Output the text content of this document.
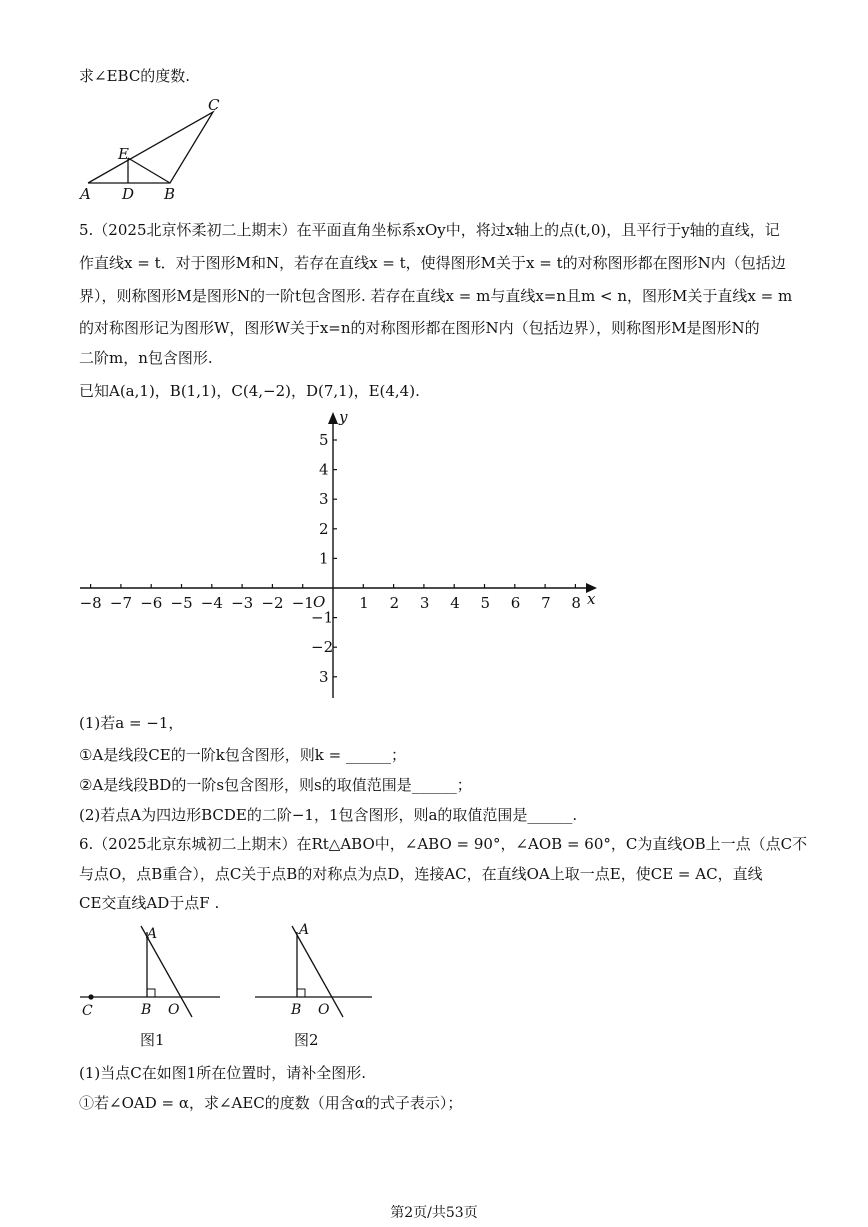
求∠EBC的度数.
C
E
A D B
5.（2025北京怀柔初二上期末）在平面直角坐标系xOy中，将过x轴上的点(t,0)，且平行于y轴的直线，记
作直线x = t．对于图形M和N，若存在直线x = t，使得图形M关于x = t的对称图形都在图形N内（包括边
界），则称图形M是图形N的一阶t包含图形. 若存在直线x = m与直线x=n且m < n，图形M关于直线x = m
的对称图形记为图形W，图形W关于x=n的对称图形都在图形N内（包括边界），则称图形M是图形N的
二阶m，n包含图形.
已知A(a,1)，B(1,1)，C(4,−2)，D(7,1)，E(4,4).
x
y
O
−8 −7 −6 −5 −4 −3 −2 −1	1 2 3 4 5 6 7 8
5
4
3
2
1
−1
−2
3
(1)若a = −1，
①A是线段CE的一阶k包含图形，则k = ______；
②A是线段BD的一阶s包含图形，则s的取值范围是______；
(2)若点A为四边形BCDE的二阶−1，1包含图形，则a的取值范围是______.
6.（2025北京东城初二上期末）在Rt△ABO中，∠ABO = 90°，∠AOB = 60°，C为直线OB上一点（点C不
与点O，点B重合），点C关于点B的对称点为点D，连接AC，在直线OA上取一点E，使CE = AC，直线
CE交直线AD于点F .
A
B O
C
图1
A
B O
图2
(1)当点C在如图1所在位置时，请补全图形.
①若∠OAD = α，求∠AEC的度数（用含α的式子表示）；
第2页/共53页
